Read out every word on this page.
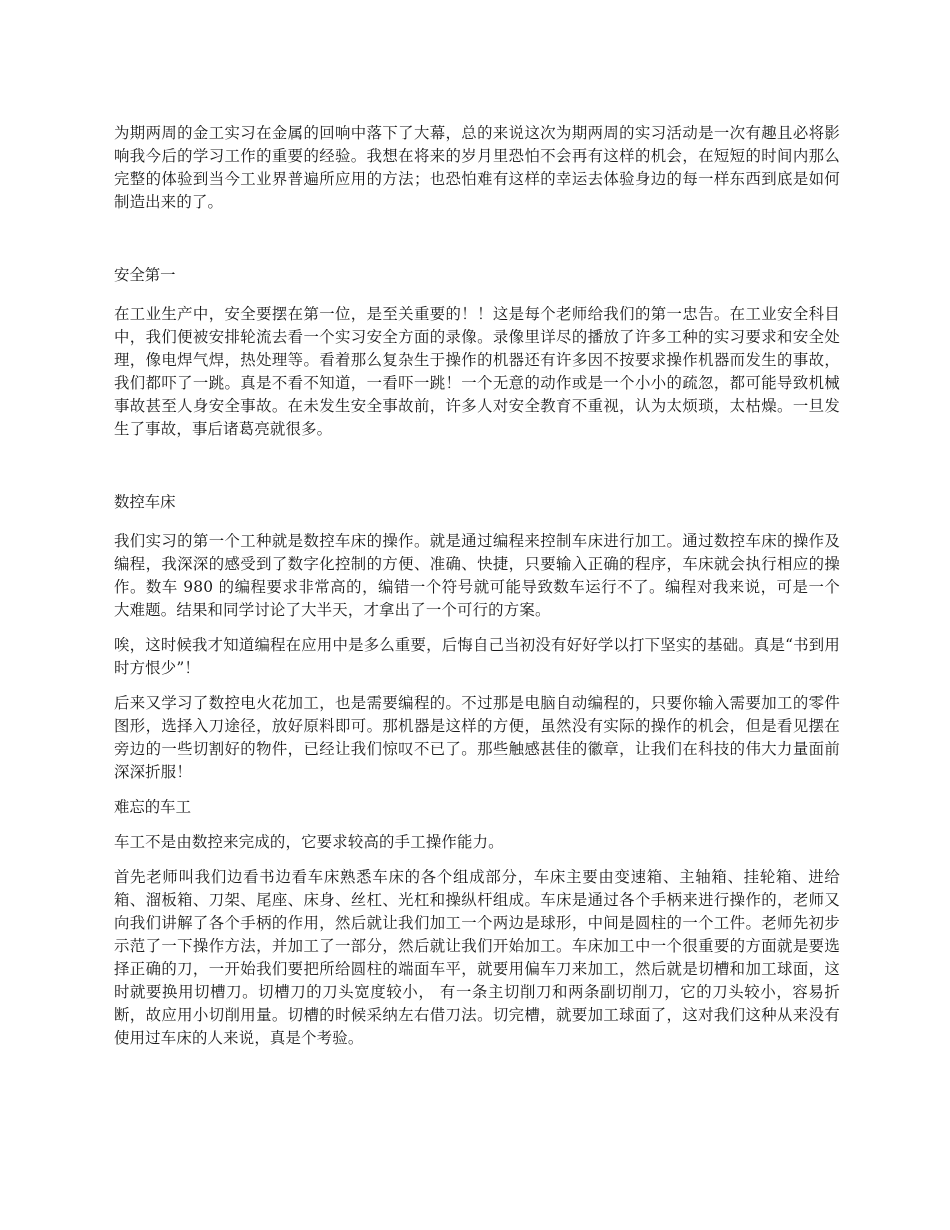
为期两周的金工实习在金属的回响中落下了大幕，总的来说这次为期两周的实习活动是一次有趣且必将影响我今后的学习工作的重要的经验。我想在将来的岁月里恐怕不会再有这样的机会，在短短的时间内那么完整的体验到当今工业界普遍所应用的方法；也恐怕难有这样的幸运去体验身边的每一样东西到底是如何制造出来的了。

安全第一

在工业生产中，安全要摆在第一位，是至关重要的！！这是每个老师给我们的第一忠告。在工业安全科目中，我们便被安排轮流去看一个实习安全方面的录像。录像里详尽的播放了许多工种的实习要求和安全处理，像电焊气焊，热处理等。看着那么复杂生于操作的机器还有许多因不按要求操作机器而发生的事故，我们都吓了一跳。真是不看不知道，一看吓一跳！一个无意的动作或是一个小小的疏忽，都可能导致机械事故甚至人身安全事故。在未发生安全事故前，许多人对安全教育不重视，认为太烦琐，太枯燥。一旦发生了事故，事后诸葛亮就很多。

数控车床

我们实习的第一个工种就是数控车床的操作。就是通过编程来控制车床进行加工。通过数控车床的操作及编程，我深深的感受到了数字化控制的方便、准确、快捷，只要输入正确的程序，车床就会执行相应的操作。数车 980 的编程要求非常高的，编错一个符号就可能导致数车运行不了。编程对我来说，可是一个大难题。结果和同学讨论了大半天，才拿出了一个可行的方案。

唉，这时候我才知道编程在应用中是多么重要，后悔自己当初没有好好学以打下坚实的基础。真是“书到用时方恨少”！

后来又学习了数控电火花加工，也是需要编程的。不过那是电脑自动编程的，只要你输入需要加工的零件图形，选择入刀途径，放好原料即可。那机器是这样的方便，虽然没有实际的操作的机会，但是看见摆在旁边的一些切割好的物件，已经让我们惊叹不已了。那些触感甚佳的徽章，让我们在科技的伟大力量面前深深折服！

难忘的车工

车工不是由数控来完成的，它要求较高的手工操作能力。

首先老师叫我们边看书边看车床熟悉车床的各个组成部分，车床主要由变速箱、主轴箱、挂轮箱、进给箱、溜板箱、刀架、尾座、床身、丝杠、光杠和操纵杆组成。车床是通过各个手柄来进行操作的，老师又向我们讲解了各个手柄的作用，然后就让我们加工一个两边是球形，中间是圆柱的一个工件。老师先初步示范了一下操作方法，并加工了一部分，然后就让我们开始加工。车床加工中一个很重要的方面就是要选择正确的刀，一开始我们要把所给圆柱的端面车平，就要用偏车刀来加工，然后就是切槽和加工球面，这时就要换用切槽刀。切槽刀的刀头宽度较小， 有一条主切削刀和两条副切削刀，它的刀头较小，容易折断，故应用小切削用量。切槽的时候采纳左右借刀法。切完槽，就要加工球面了，这对我们这种从来没有使用过车床的人来说，真是个考验。
